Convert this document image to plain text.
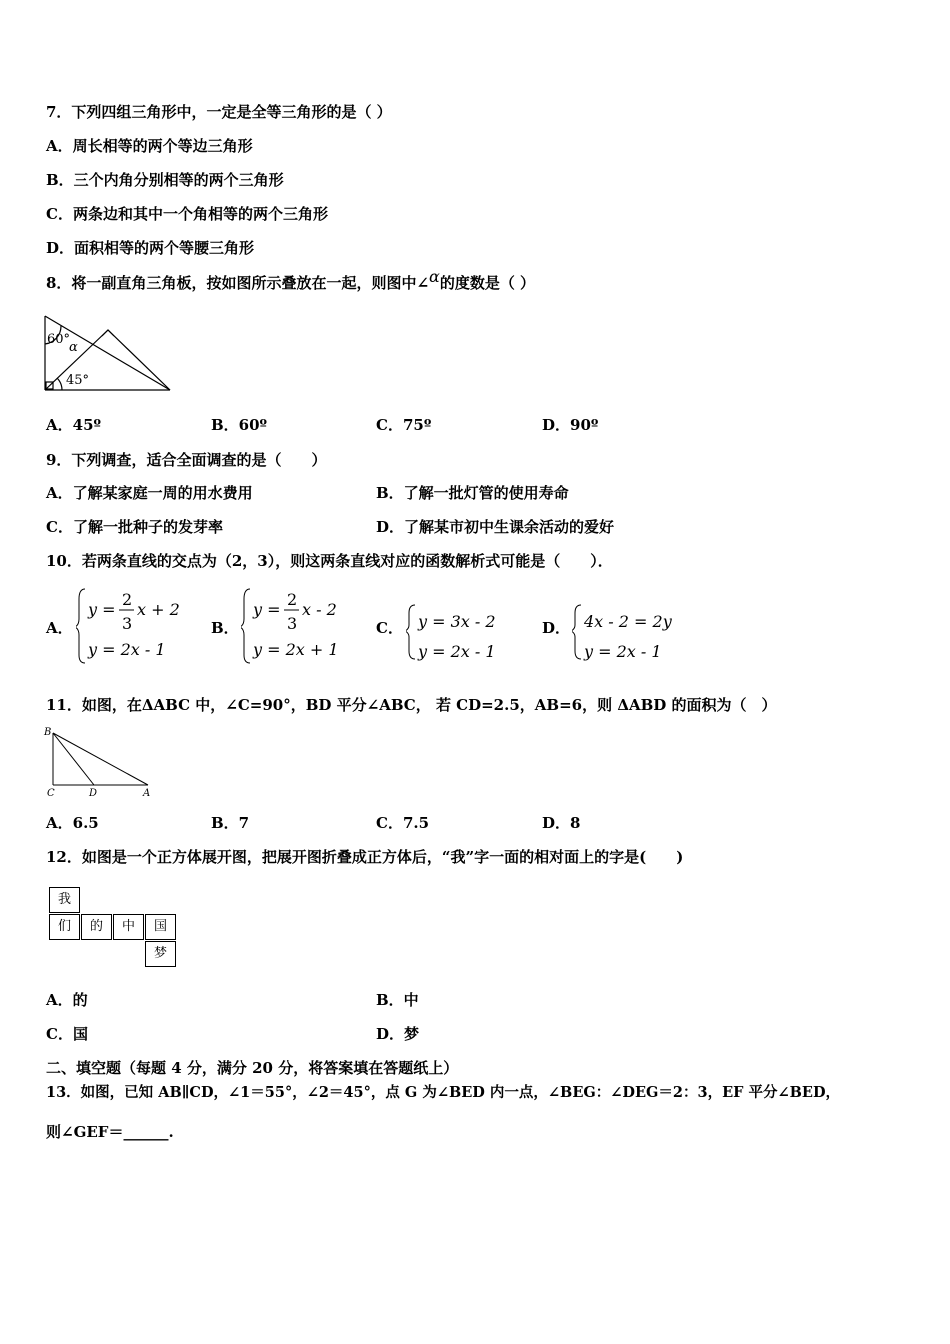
7．下列四组三角形中，一定是全等三角形的是（ ）
A．周长相等的两个等边三角形
B．三个内角分别相等的两个三角形
C．两条边和其中一个角相等的两个三角形
D．面积相等的两个等腰三角形
8．将一副直角三角板，按如图所示叠放在一起，则图中∠α的度数是（ ）
60°
α
45°
A．45º	B．60º	C．75º	D．90º
9．下列调查，适合全面调查的是（　　）
A．了解某家庭一周的用水费用	B．了解一批灯管的使用寿命
C．了解一批种子的发芽率	D．了解某市初中生课余活动的爱好
10．若两条直线的交点为（2，3），则这两条直线对应的函数解析式可能是（　　）．
A．
y =
2
3
x + 2
y = 2x - 1
B．
y =
2
3
x - 2
y = 2x + 1
C． y = 3x - 2
y = 2x - 1
D． 4x - 2 = 2y
y = 2x - 1
11．如图，在ΔABC 中，∠C=90°，BD 平分∠ABC， 若 CD=2.5，AB=6，则 ΔABD 的面积为（　）
B
C	D	A
A．6.5	B．7	C．7.5	D．8
12．如图是一个正方体展开图，把展开图折叠成正方体后，“我”字一面的相对面上的字是(　　)
我
们	的	中	国
梦
A．的	B．中
C．国	D．梦
二、填空题（每题 4 分，满分 20 分，将答案填在答题纸上）
13．如图，已知 AB∥CD，∠1＝55°，∠2＝45°，点 G 为∠BED 内一点，∠BEG：∠DEG＝2：3，EF 平分∠BED，
则∠GEF＝______.
